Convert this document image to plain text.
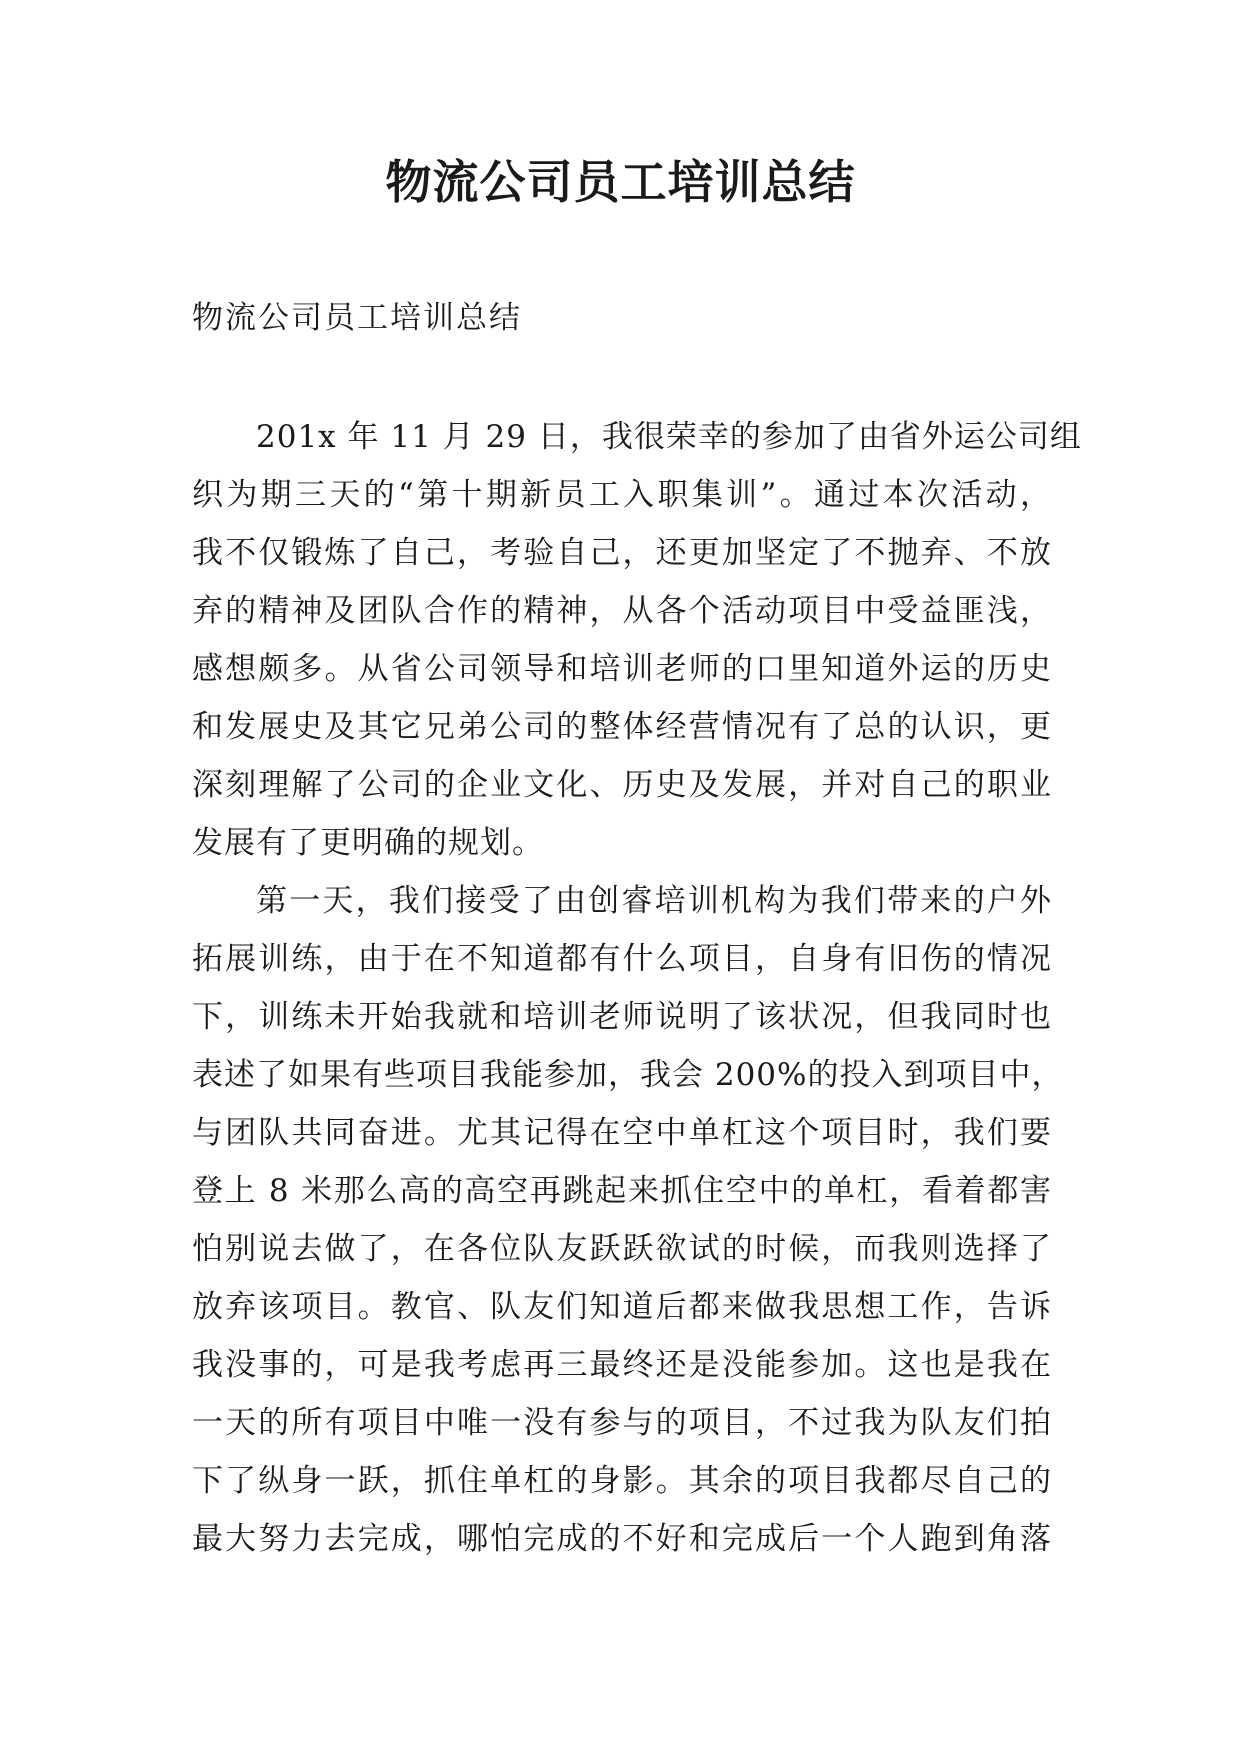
物流公司员工培训总结

物流公司员工培训总结

201x 年 11 月 29 日，我很荣幸的参加了由省外运公司组
织为期三天的“第十期新员工入职集训”。通过本次活动，
我不仅锻炼了自己，考验自己，还更加坚定了不抛弃、不放
弃的精神及团队合作的精神，从各个活动项目中受益匪浅，
感想颇多。从省公司领导和培训老师的口里知道外运的历史
和发展史及其它兄弟公司的整体经营情况有了总的认识，更
深刻理解了公司的企业文化、历史及发展，并对自己的职业
发展有了更明确的规划。
第一天，我们接受了由创睿培训机构为我们带来的户外
拓展训练，由于在不知道都有什么项目，自身有旧伤的情况
下，训练未开始我就和培训老师说明了该状况，但我同时也
表述了如果有些项目我能参加，我会 200%的投入到项目中，
与团队共同奋进。尤其记得在空中单杠这个项目时，我们要
登上 8 米那么高的高空再跳起来抓住空中的单杠，看着都害
怕别说去做了，在各位队友跃跃欲试的时候，而我则选择了
放弃该项目。教官、队友们知道后都来做我思想工作，告诉
我没事的，可是我考虑再三最终还是没能参加。这也是我在
一天的所有项目中唯一没有参与的项目，不过我为队友们拍
下了纵身一跃，抓住单杠的身影。其余的项目我都尽自己的
最大努力去完成，哪怕完成的不好和完成后一个人跑到角落
